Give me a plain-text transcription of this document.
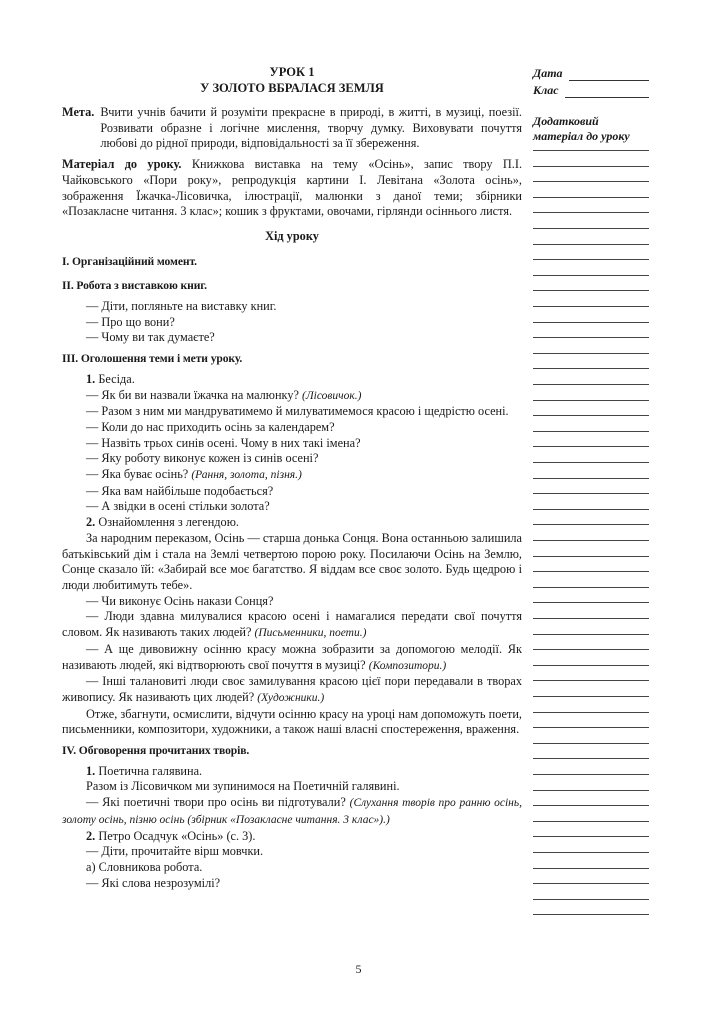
УРОК 1
У ЗОЛОТО ВБРАЛАСЯ ЗЕМЛЯ
Мета. Вчити учнів бачити й розуміти прекрасне в природі, в житті, в музиці, поезії. Розвивати образне і логічне мислення, творчу думку. Виховувати почуття любові до рідної природи, відповідальності за її збереження.
Матеріал до уроку. Книжкова виставка на тему «Осінь», запис твору П.І. Чайковського «Пори року», репродукція картини І. Левітана «Золота осінь», зображення Їжачка-Лісовичка, ілюстрації, малюнки з даної теми; збірники «Позакласне читання. 3 клас»; кошик з фруктами, овочами, гірлянди осіннього листя.
Хід уроку
I. Організаційний момент.
II. Робота з виставкою книг.
— Діти, погляньте на виставку книг.
— Про що вони?
— Чому ви так думаєте?
III. Оголошення теми і мети уроку.
1. Бесіда.
— Як би ви назвали їжачка на малюнку? (Лісовичок.)
— Разом з ним ми мандруватимемо й милуватимемося красою і щедрістю осені.
— Коли до нас приходить осінь за календарем?
— Назвіть трьох синів осені. Чому в них такі імена?
— Яку роботу виконує кожен із синів осені?
— Яка буває осінь? (Рання, золота, пізня.)
— Яка вам найбільше подобається?
— А звідки в осені стільки золота?
2. Ознайомлення з легендою.
За народним переказом, Осінь — старша донька Сонця. Вона останньою залишила батьківський дім і стала на Землі четвертою порою року. Посилаючи Осінь на Землю, Сонце сказало їй: «Забирай все моє багатство. Я віддам все своє золото. Будь щедрою і люди любитимуть тебе».
— Чи виконує Осінь накази Сонця?
— Люди здавна милувалися красою осені і намагалися передати свої почуття словом. Як називають таких людей? (Письменники, поети.)
— А ще дивовижну осінню красу можна зобразити за допомогою мелодії. Як називають людей, які відтворюють свої почуття в музиці? (Композитори.)
— Інші талановиті люди своє замилування красою цієї пори передавали в творах живопису. Як називають цих людей? (Художники.)
Отже, збагнути, осмислити, відчути осінню красу на уроці нам допоможуть поети, письменники, композитори, художники, а також наші власні спостереження, враження.
IV. Обговорення прочитаних творів.
1. Поетична галявина.
Разом із Лісовичком ми зупинимося на Поетичній галявині.
— Які поетичні твори про осінь ви підготували? (Слухання творів про ранню осінь, золоту осінь, пізню осінь (збірник «Позакласне читання. 3 клас»).)
2. Петро Осадчук «Осінь» (с. 3).
— Діти, прочитайте вірш мовчки.
а) Словникова робота.
— Які слова незрозумілі?
Дата
Клас
Додатковий
матеріал до уроку
5
